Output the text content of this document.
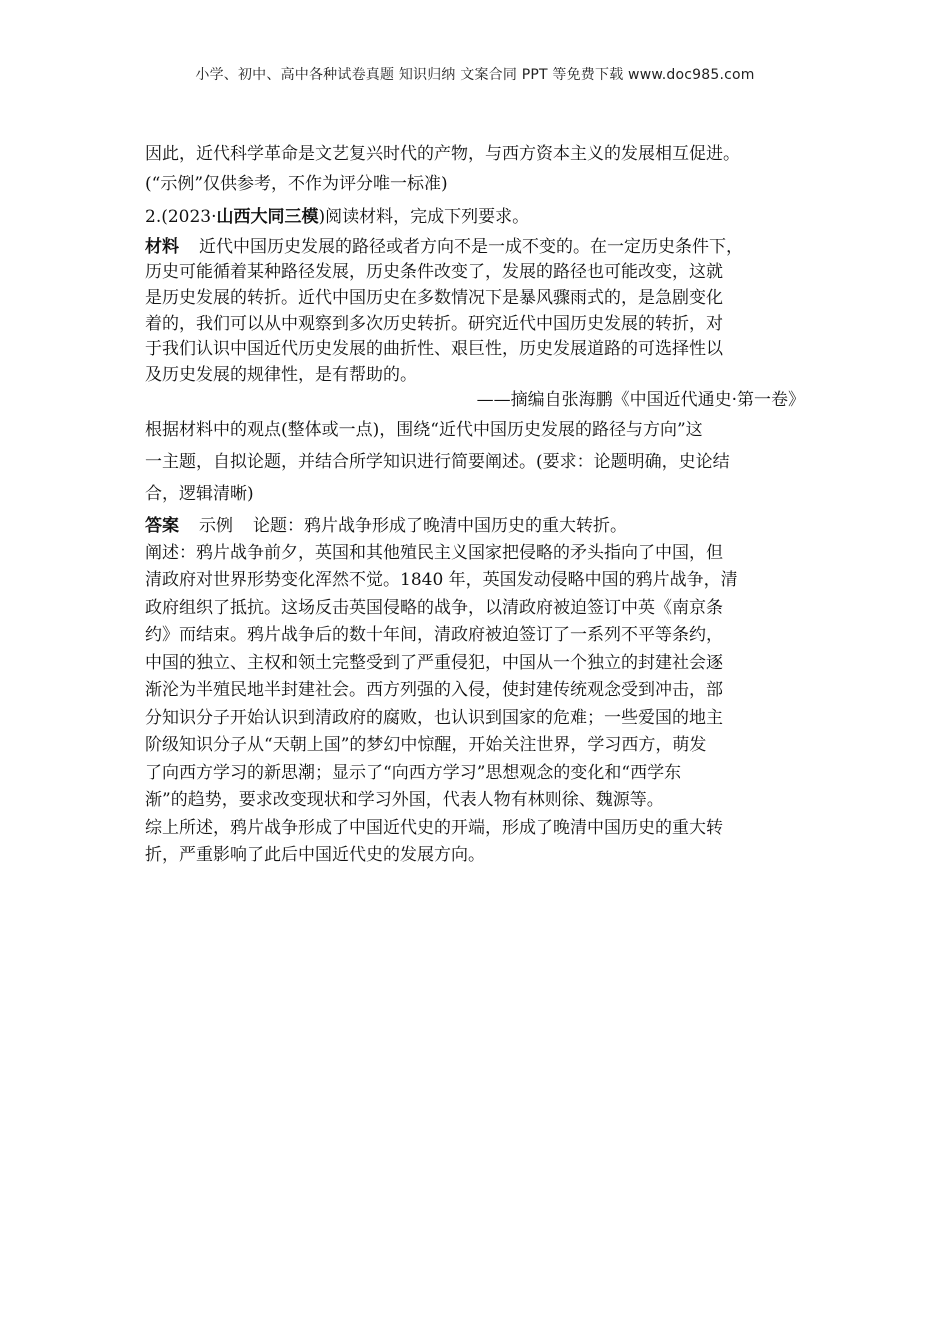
小学、初中、高中各种试卷真题 知识归纳 文案合同 PPT 等免费下载 www.doc985.com

因此，近代科学革命是文艺复兴时代的产物，与西方资本主义的发展相互促进。
(“示例”仅供参考，不作为评分唯一标准)

2.(2023·山西大同三模)阅读材料，完成下列要求。

材料 近代中国历史发展的路径或者方向不是一成不变的。在一定历史条件下，
历史可能循着某种路径发展，历史条件改变了，发展的路径也可能改变，这就
是历史发展的转折。近代中国历史在多数情况下是暴风骤雨式的，是急剧变化
着的，我们可以从中观察到多次历史转折。研究近代中国历史发展的转折，对
于我们认识中国近代历史发展的曲折性、艰巨性，历史发展道路的可选择性以
及历史发展的规律性，是有帮助的。

——摘编自张海鹏《中国近代通史·第一卷》

根据材料中的观点(整体或一点)，围绕“近代中国历史发展的路径与方向”这
一主题，自拟论题，并结合所学知识进行简要阐述。(要求：论题明确，史论结
合，逻辑清晰)

答案 示例 论题：鸦片战争形成了晚清中国历史的重大转折。

阐述：鸦片战争前夕，英国和其他殖民主义国家把侵略的矛头指向了中国，但
清政府对世界形势变化浑然不觉。1840 年，英国发动侵略中国的鸦片战争，清
政府组织了抵抗。这场反击英国侵略的战争，以清政府被迫签订中英《南京条
约》而结束。鸦片战争后的数十年间，清政府被迫签订了一系列不平等条约，
中国的独立、主权和领土完整受到了严重侵犯，中国从一个独立的封建社会逐
渐沦为半殖民地半封建社会。西方列强的入侵，使封建传统观念受到冲击，部
分知识分子开始认识到清政府的腐败，也认识到国家的危难；一些爱国的地主
阶级知识分子从“天朝上国”的梦幻中惊醒，开始关注世界，学习西方，萌发
了向西方学习的新思潮；显示了“向西方学习”思想观念的变化和“西学东
渐”的趋势，要求改变现状和学习外国，代表人物有林则徐、魏源等。

综上所述，鸦片战争形成了中国近代史的开端，形成了晚清中国历史的重大转
折，严重影响了此后中国近代史的发展方向。
